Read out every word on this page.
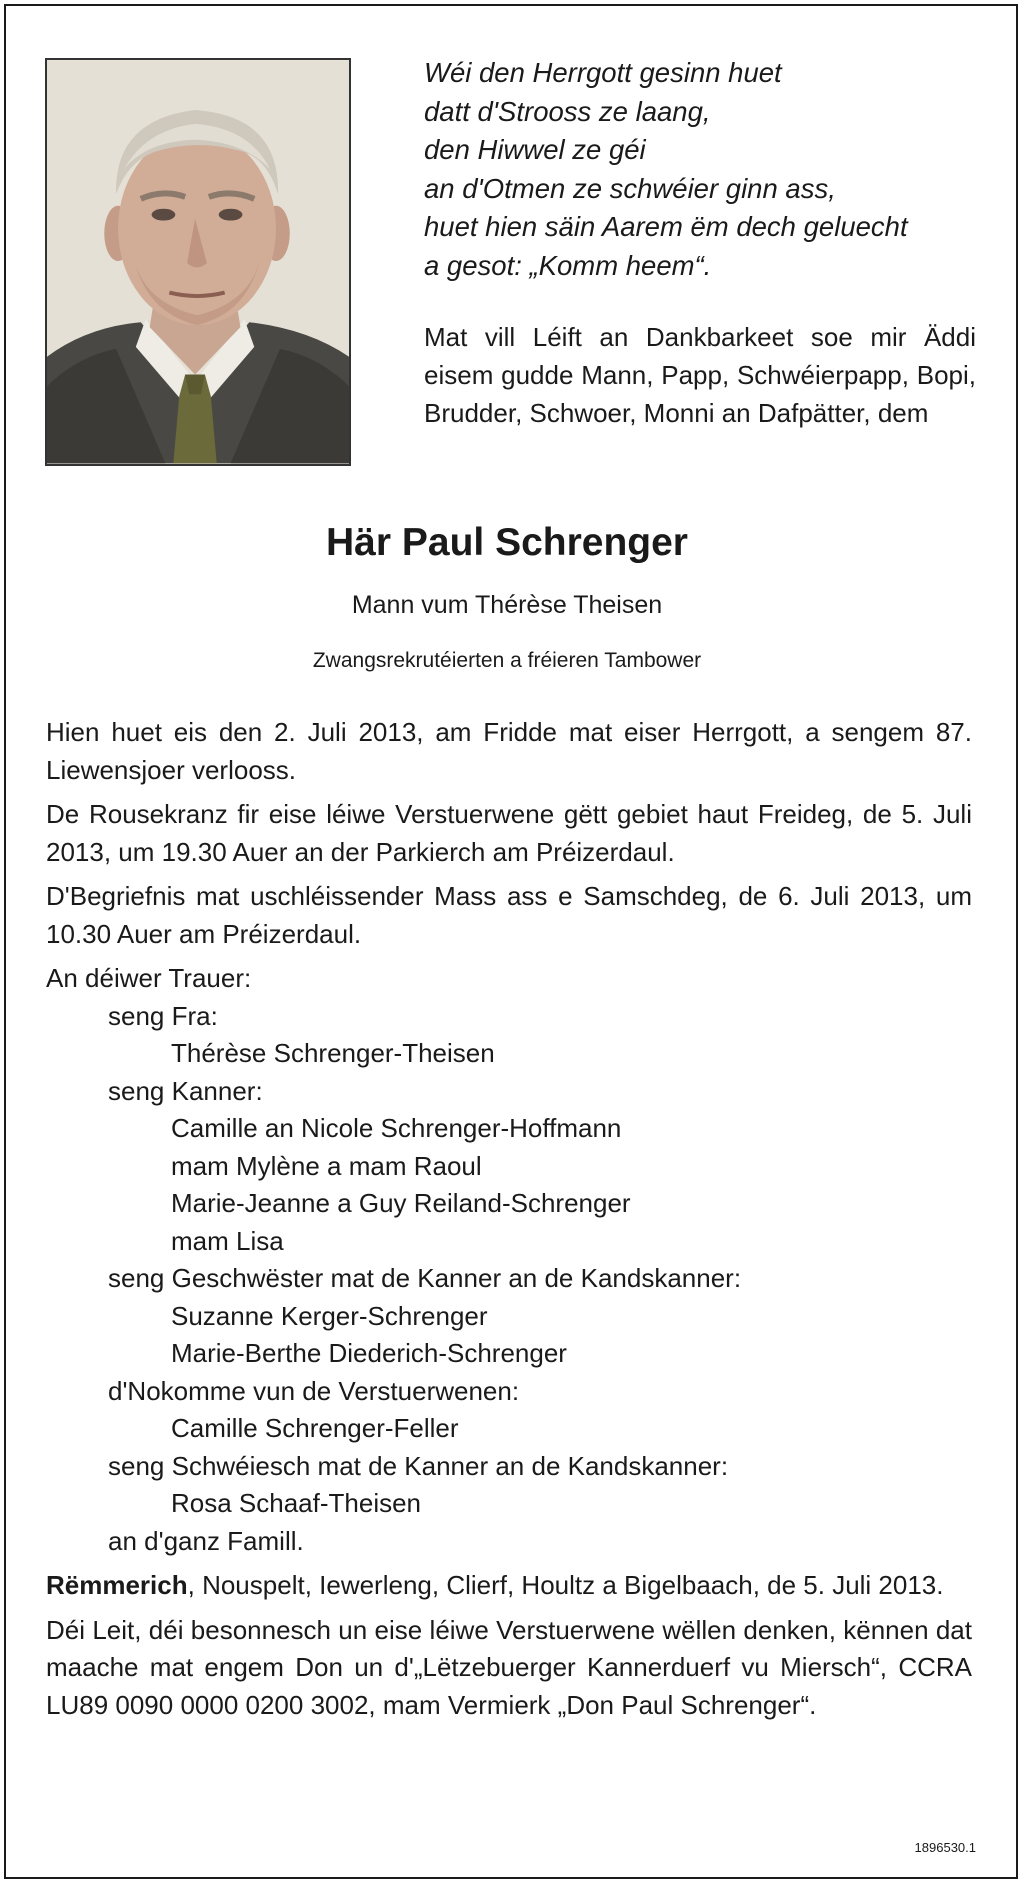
Wéi den Herrgott gesinn huet
datt d'Strooss ze laang,
den Hiwwel ze géi
an d'Otmen ze schwéier ginn ass,
huet hien säin Aarem ëm dech geluecht
a gesot: „Komm heem“.
Mat vill Léift an Dankbarkeet soe mir Äddi eisem gudde Mann, Papp, Schwéierpapp, Bopi, Brudder, Schwoer, Monni an Dafpätter, dem
Här Paul Schrenger
Mann vum Thérèse Theisen
Zwangsrekrutéierten a fréieren Tambower

Hien huet eis den 2. Juli 2013, am Fridde mat eiser Herrgott, a sengem 87. Liewensjoer verlooss.

De Rousekranz fir eise léiwe Verstuerwene gëtt gebiet haut Freideg, de 5. Juli 2013, um 19.30 Auer an der Parkierch am Préizerdaul.

D'Begriefnis mat uschléissender Mass ass e Samschdeg, de 6. Juli 2013, um 10.30 Auer am Préizerdaul.

An déiwer Trauer:
seng Fra:
Thérèse Schrenger-Theisen
seng Kanner:
Camille an Nicole Schrenger-Hoffmann
mam Mylène a mam Raoul
Marie-Jeanne a Guy Reiland-Schrenger
mam Lisa
seng Geschwëster mat de Kanner an de Kandskanner:
Suzanne Kerger-Schrenger
Marie-Berthe Diederich-Schrenger
d'Nokomme vun de Verstuerwenen:
Camille Schrenger-Feller
seng Schwéiesch mat de Kanner an de Kandskanner:
Rosa Schaaf-Theisen
an d'ganz Famill.

Rëmmerich, Nouspelt, Iewerleng, Clierf, Houltz a Bigelbaach, de 5. Juli 2013.

Déi Leit, déi besonnesch un eise léiwe Verstuerwene wëllen denken, kënnen dat maache mat engem Don un d'„Lëtzebuerger Kannerduerf vu Miersch“, CCRA LU89 0090 0000 0200 3002, mam Vermierk „Don Paul Schrenger“.

1896530.1
